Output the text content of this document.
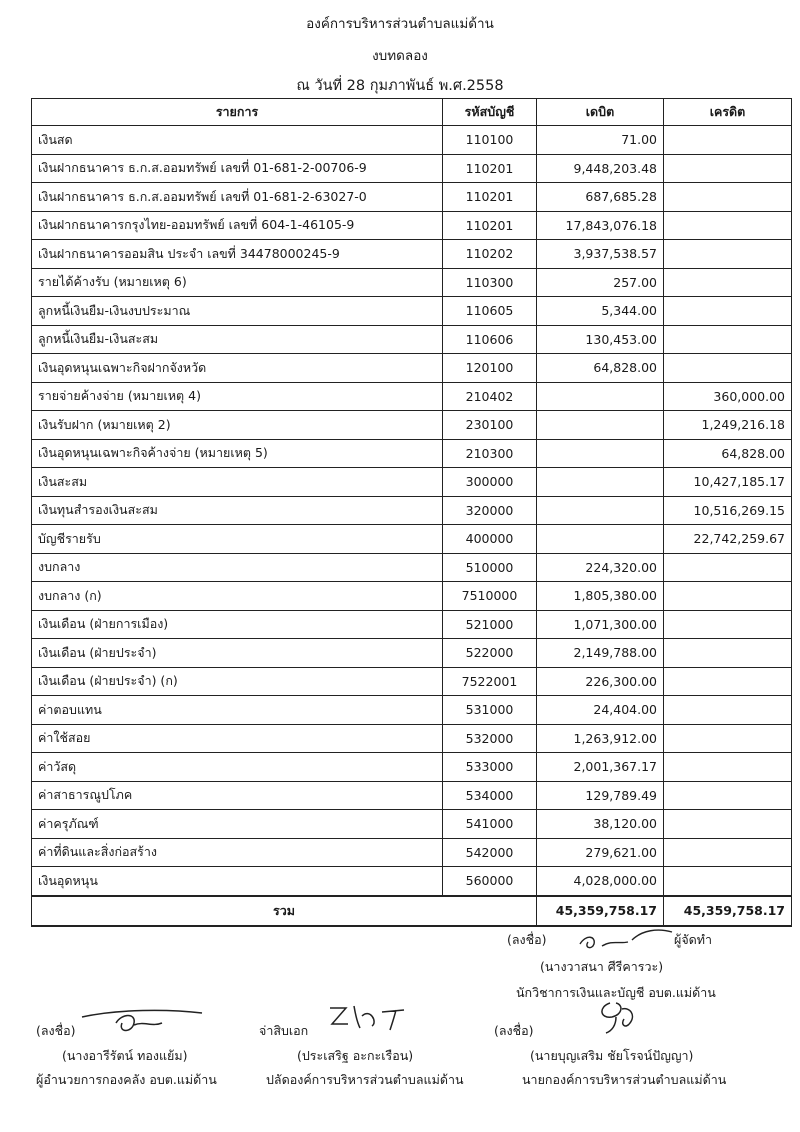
องค์การบริหารส่วนตำบลแม่ด้าน
งบทดลอง
ณ วันที่ 28 กุมภาพันธ์ พ.ศ.2558
รายการ	รหัสบัญชี	เดบิต	เครดิต
เงินสด	110100	71.00	
เงินฝากธนาคาร ธ.ก.ส.ออมทรัพย์ เลขที่ 01-681-2-00706-9	110201	9,448,203.48	
เงินฝากธนาคาร ธ.ก.ส.ออมทรัพย์ เลขที่ 01-681-2-63027-0	110201	687,685.28	
เงินฝากธนาคารกรุงไทย-ออมทรัพย์ เลขที่ 604-1-46105-9	110201	17,843,076.18	
เงินฝากธนาคารออมสิน ประจำ เลขที่ 34478000245-9	110202	3,937,538.57	
รายได้ค้างรับ (หมายเหตุ 6)	110300	257.00	
ลูกหนี้เงินยืม-เงินงบประมาณ	110605	5,344.00	
ลูกหนี้เงินยืม-เงินสะสม	110606	130,453.00	
เงินอุดหนุนเฉพาะกิจฝากจังหวัด	120100	64,828.00	
รายจ่ายค้างจ่าย (หมายเหตุ 4)	210402		360,000.00
เงินรับฝาก (หมายเหตุ 2)	230100		1,249,216.18
เงินอุดหนุนเฉพาะกิจค้างจ่าย (หมายเหตุ 5)	210300		64,828.00
เงินสะสม	300000		10,427,185.17
เงินทุนสำรองเงินสะสม	320000		10,516,269.15
บัญชีรายรับ	400000		22,742,259.67
งบกลาง	510000	224,320.00	
งบกลาง (ก)	7510000	1,805,380.00	
เงินเดือน (ฝ่ายการเมือง)	521000	1,071,300.00	
เงินเดือน (ฝ่ายประจำ)	522000	2,149,788.00	
เงินเดือน (ฝ่ายประจำ) (ก)	7522001	226,300.00	
ค่าตอบแทน	531000	24,404.00	
ค่าใช้สอย	532000	1,263,912.00	
ค่าวัสดุ	533000	2,001,367.17	
ค่าสาธารณูปโภค	534000	129,789.49	
ค่าครุภัณฑ์	541000	38,120.00	
ค่าที่ดินและสิ่งก่อสร้าง	542000	279,621.00	
เงินอุดหนุน	560000	4,028,000.00	
รวม		45,359,758.17	45,359,758.17
(ลงชื่อ)	ผู้จัดทำ
(นางวาสนา ศีรีคารวะ)
นักวิชาการเงินและบัญชี อบต.แม่ด้าน
(ลงชื่อ)
(นางอารีรัตน์ ทองแย้ม)
ผู้อำนวยการกองคลัง อบต.แม่ด้าน
จ่าสิบเอก
(ประเสริฐ อะกะเรือน)
ปลัดองค์การบริหารส่วนตำบลแม่ด้าน
(ลงชื่อ)
(นายบุญเสริม ชัยโรจน์ปัญญา)
นายกองค์การบริหารส่วนตำบลแม่ด้าน
